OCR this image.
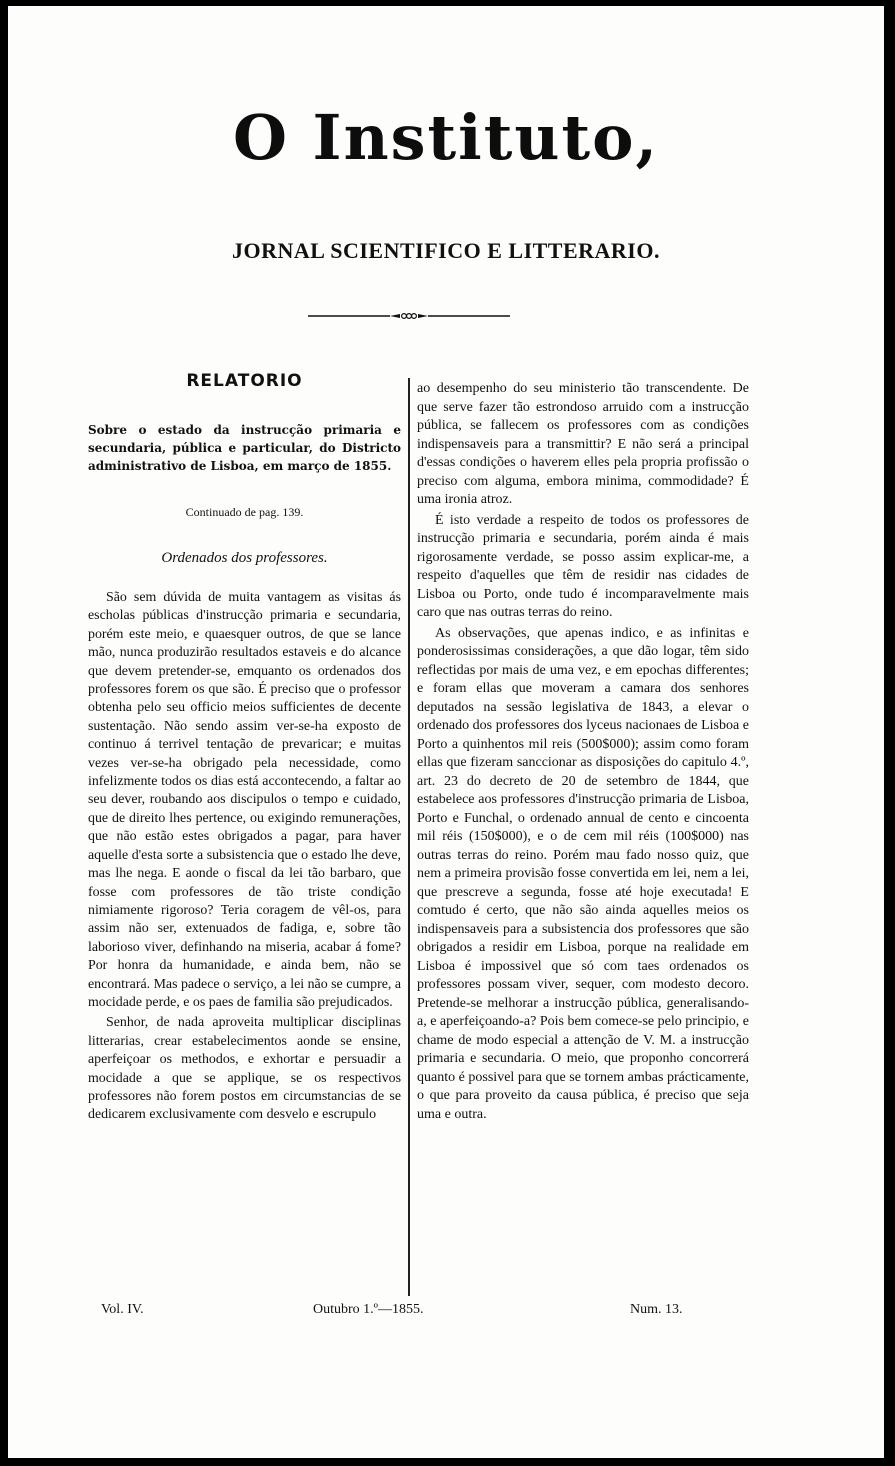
O Instituto,
JORNAL SCIENTIFICO E LITTERARIO.
RELATORIO
Sobre o estado da instrucção primaria e secundaria, pública e particular, do Districto administrativo de Lisboa, em março de 1855.
Continuado de pag. 139.
Ordenados dos professores.

São sem dúvida de muita vantagem as visitas ás escholas públicas d'instrucção primaria e secundaria, porém este meio, e quaesquer outros, de que se lance mão, nunca produzirão resultados estaveis e do alcance que devem pretender-se, emquanto os ordenados dos professores forem os que são. É preciso que o professor obtenha pelo seu officio meios sufficientes de decente sustentação. Não sendo assim ver-se-ha exposto de continuo á terrivel tentação de prevaricar; e muitas vezes ver-se-ha obrigado pela necessidade, como infelizmente todos os dias está accontecendo, a faltar ao seu dever, roubando aos discipulos o tempo e cuidado, que de direito lhes pertence, ou exigindo remunerações, que não estão estes obrigados a pagar, para haver aquelle d'esta sorte a subsistencia que o estado lhe deve, mas lhe nega. E aonde o fiscal da lei tão barbaro, que fosse com professores de tão triste condição nimiamente rigoroso? Teria coragem de vêl-os, para assim não ser, extenuados de fadiga, e, sobre tão laborioso viver, definhando na miseria, acabar á fome? Por honra da humanidade, e ainda bem, não se encontrará. Mas padece o serviço, a lei não se cumpre, a mocidade perde, e os paes de familia são prejudicados.

Senhor, de nada aproveita multiplicar disciplinas litterarias, crear estabelecimentos aonde se ensine, aperfeiçoar os methodos, e exhortar e persuadir a mocidade a que se applique, se os respectivos professores não forem postos em circumstancias de se dedicarem exclusivamente com desvelo e escrupulo

ao desempenho do seu ministerio tão transcendente. De que serve fazer tão estrondoso arruido com a instrucção pública, se fallecem os professores com as condições indispensaveis para a transmittir? E não será a principal d'essas condições o haverem elles pela propria profissão o preciso com alguma, embora minima, commodidade? É uma ironia atroz.

É isto verdade a respeito de todos os professores de instrucção primaria e secundaria, porém ainda é mais rigorosamente verdade, se posso assim explicar-me, a respeito d'aquelles que têm de residir nas cidades de Lisboa ou Porto, onde tudo é incomparavelmente mais caro que nas outras terras do reino.

As observações, que apenas indico, e as infinitas e ponderosissimas considerações, a que dão logar, têm sido reflectidas por mais de uma vez, e em epochas differentes; e foram ellas que moveram a camara dos senhores deputados na sessão legislativa de 1843, a elevar o ordenado dos professores dos lyceus nacionaes de Lisboa e Porto a quinhentos mil reis (500$000); assim como foram ellas que fizeram sanccionar as disposições do capitulo 4.º, art. 23 do decreto de 20 de setembro de 1844, que estabelece aos professores d'instrucção primaria de Lisboa, Porto e Funchal, o ordenado annual de cento e cincoenta mil réis (150$000), e o de cem mil réis (100$000) nas outras terras do reino. Porém mau fado nosso quiz, que nem a primeira provisão fosse convertida em lei, nem a lei, que prescreve a segunda, fosse até hoje executada! E comtudo é certo, que não são ainda aquelles meios os indispensaveis para a subsistencia dos professores que são obrigados a residir em Lisboa, porque na realidade em Lisboa é impossivel que só com taes ordenados os professores possam viver, sequer, com modesto decoro. Pretende-se melhorar a instrucção pública, generalisando-a, e aperfeiçoando-a? Pois bem comece-se pelo principio, e chame de modo especial a attenção de V. M. a instrucção primaria e secundaria. O meio, que proponho concorrerá quanto é possivel para que se tornem ambas prácticamente, o que para proveito da causa pública, é preciso que seja uma e outra.

Vol. IV.	Outubro 1.º—1855.	Num. 13.
